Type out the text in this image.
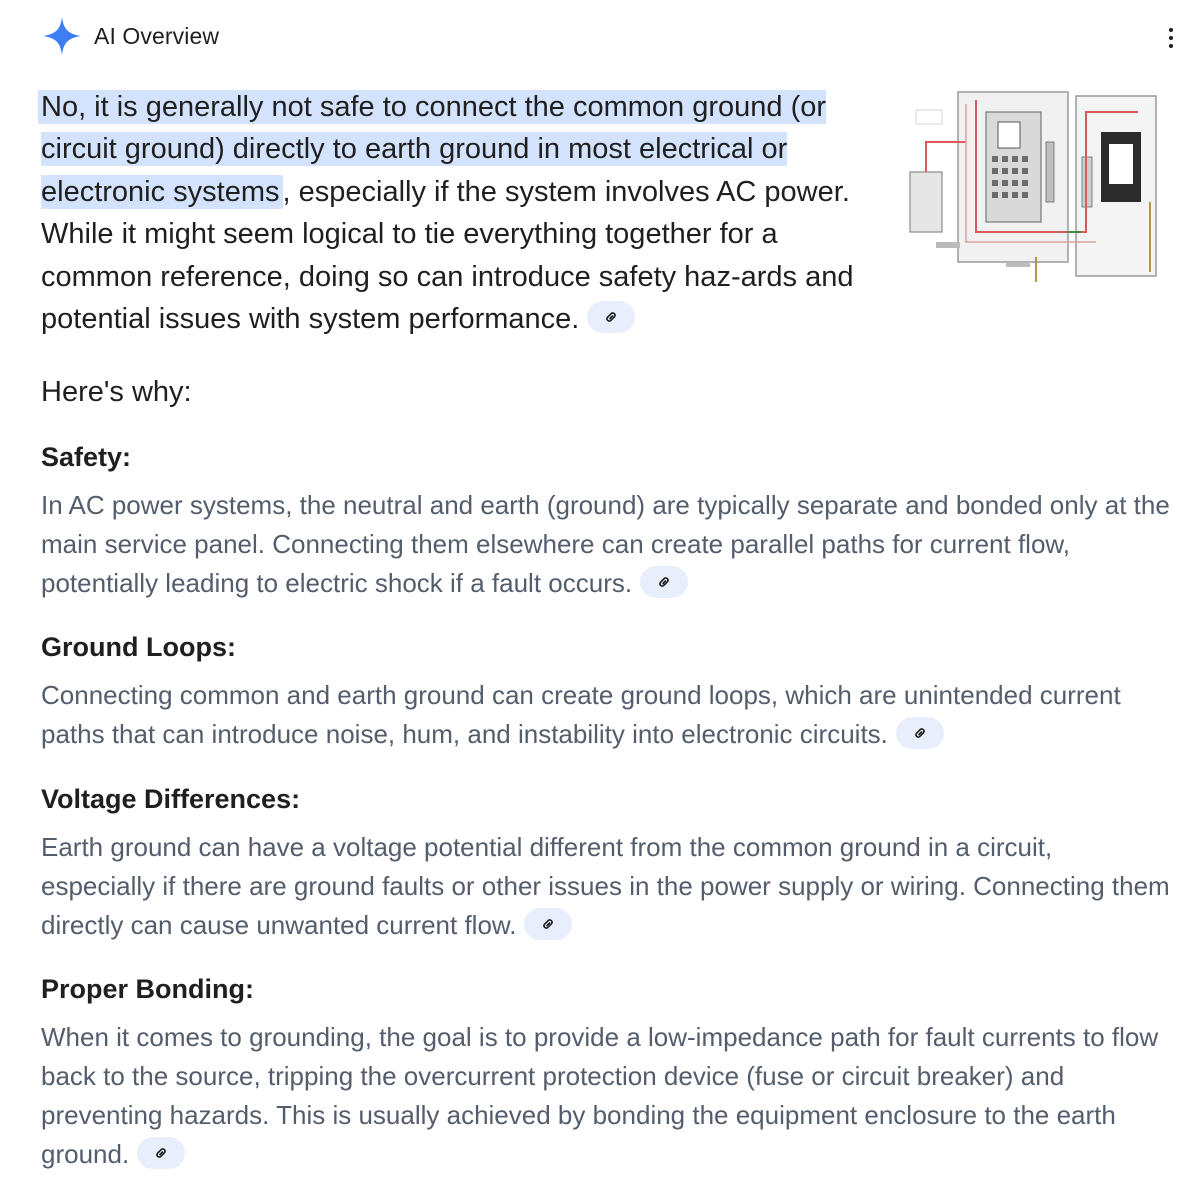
AI Overview
No, it is generally not safe to connect the common ground (or circuit ground) directly to earth ground in most electrical or electronic systems , especially if the system involves AC power. While it might seem logical to tie everything together for a common reference, doing so can introduce safety haz-ards and potential issues with system performance.
Here's why:
Safety:

In AC power systems, the neutral and earth (ground) are typically separate and bonded only at the main service panel. Connecting them elsewhere can create parallel paths for current flow, potentially leading to electric shock if a fault occurs.

Ground Loops:

Connecting common and earth ground can create ground loops, which are unintended current paths that can introduce noise, hum, and instability into electronic circuits.

Voltage Differences:

Earth ground can have a voltage potential different from the common ground in a circuit, especially if there are ground faults or other issues in the power supply or wiring. Connecting them directly can cause unwanted current flow.

Proper Bonding:

When it comes to grounding, the goal is to provide a low-impedance path for fault currents to flow back to the source, tripping the overcurrent protection device (fuse or circuit breaker) and preventing hazards. This is usually achieved by bonding the equipment enclosure to the earth ground.
